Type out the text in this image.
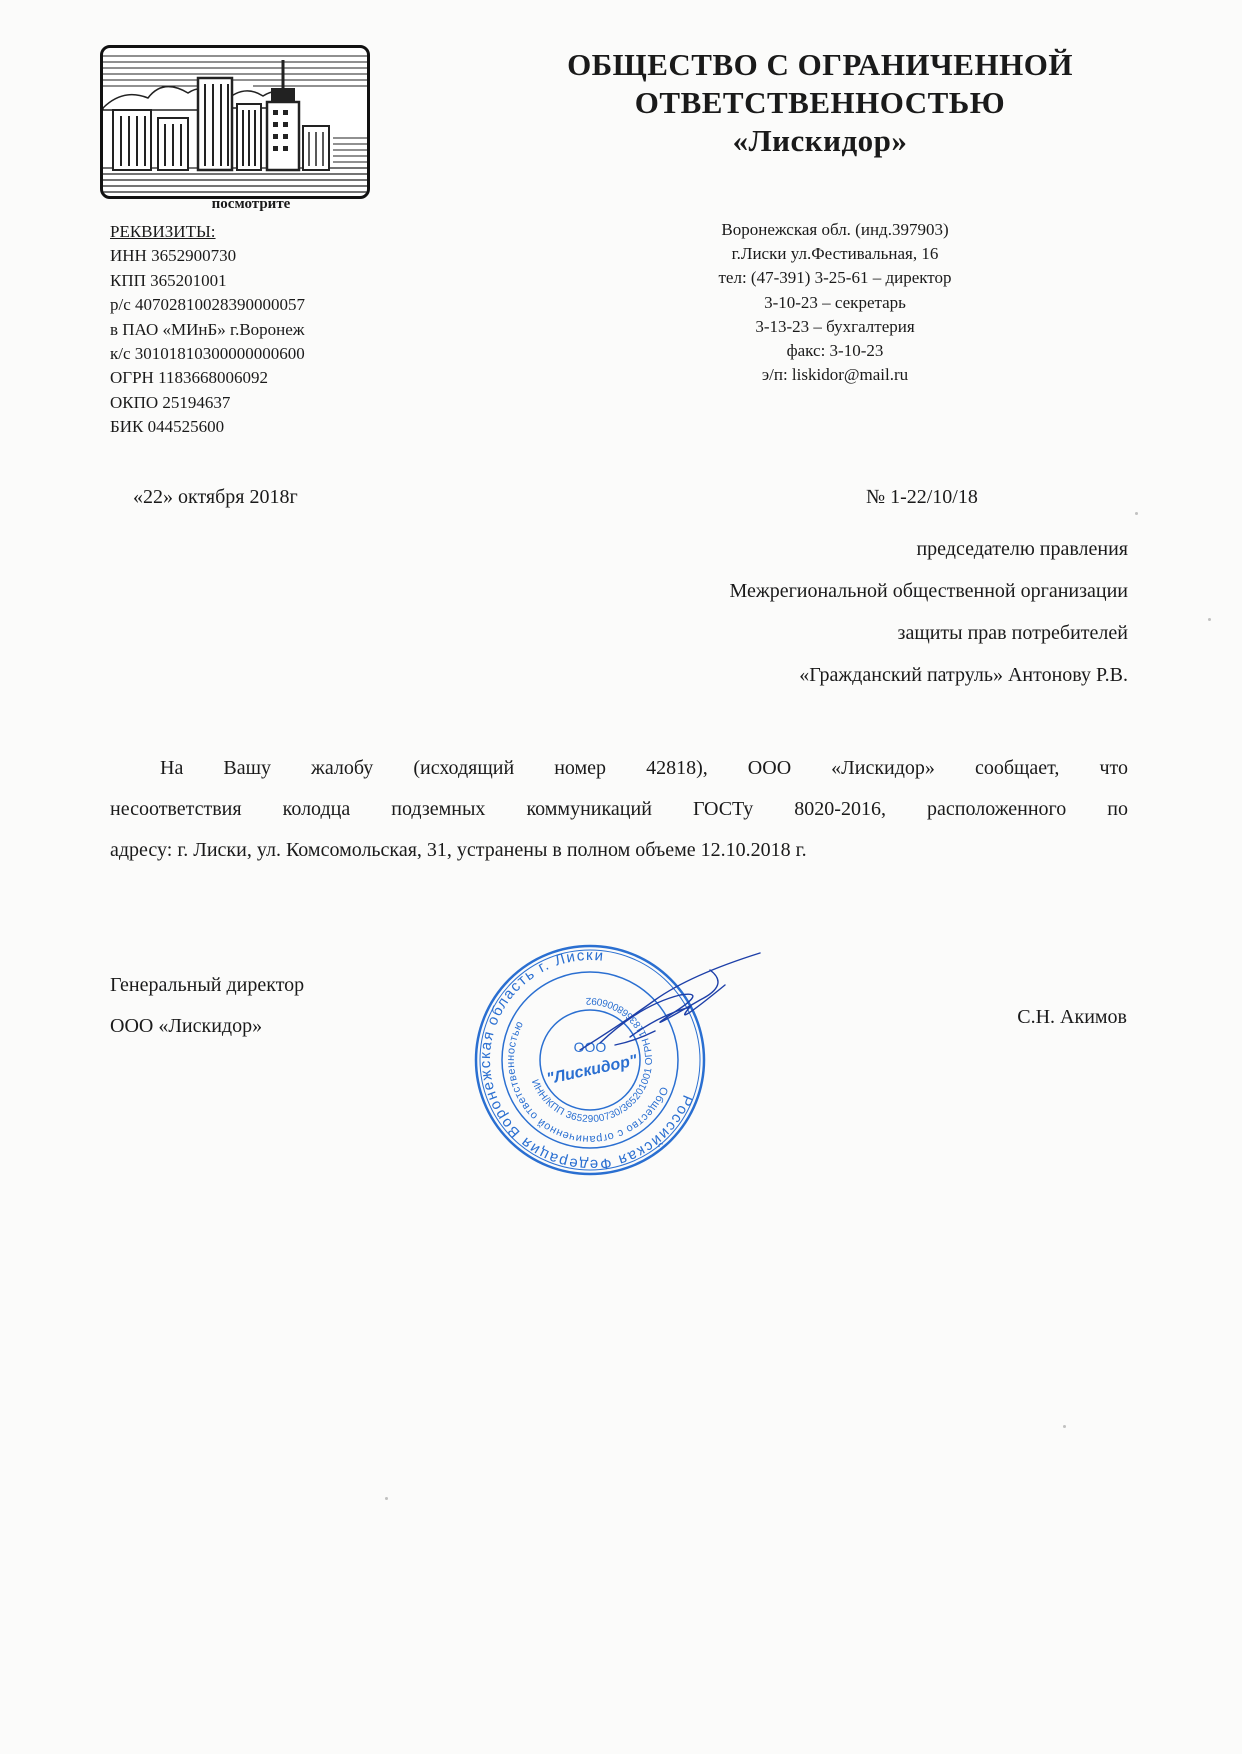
посмотрите
ОБЩЕСТВО С ОГРАНИЧЕННОЙ
ОТВЕТСТВЕННОСТЬЮ
«Лискидор»
РЕКВИЗИТЫ:
ИНН 3652900730
КПП 365201001
р/с 40702810028390000057
в ПАО «МИнБ» г.Воронеж
к/с 30101810300000000600
ОГРН 1183668006092
ОКПО 25194637
БИК 044525600
Воронежская обл. (инд.397903)
г.Лиски ул.Фестивальная, 16
тел: (47-391) 3-25-61 – директор
3-10-23 – секретарь
3-13-23 – бухгалтерия
факс: 3-10-23
э/п: liskidor@mail.ru
«22» октября 2018г	№ 1-22/10/18
председателю правления
Межрегиональной общественной организации
защиты прав потребителей
«Гражданский патруль» Антонову Р.В.
На Вашу жалобу (исходящий номер 42818), ООО «Лискидор» сообщает, что
несоответствия колодца подземных коммуникаций ГОСТу 8020-2016, расположенного по
адресу: г. Лиски, ул. Комсомольская, 31, устранены в полном объеме 12.10.2018 г.
Генеральный директор
ООО «Лискидор»	С.Н. Акимов
Российская Федерация Воронежская область г. Лиски
Общество с ограниченной ответственностью
ИНН/КПП 3652900730/365201001 ОГРН 1183668006092
ООО
"Лискидор"
